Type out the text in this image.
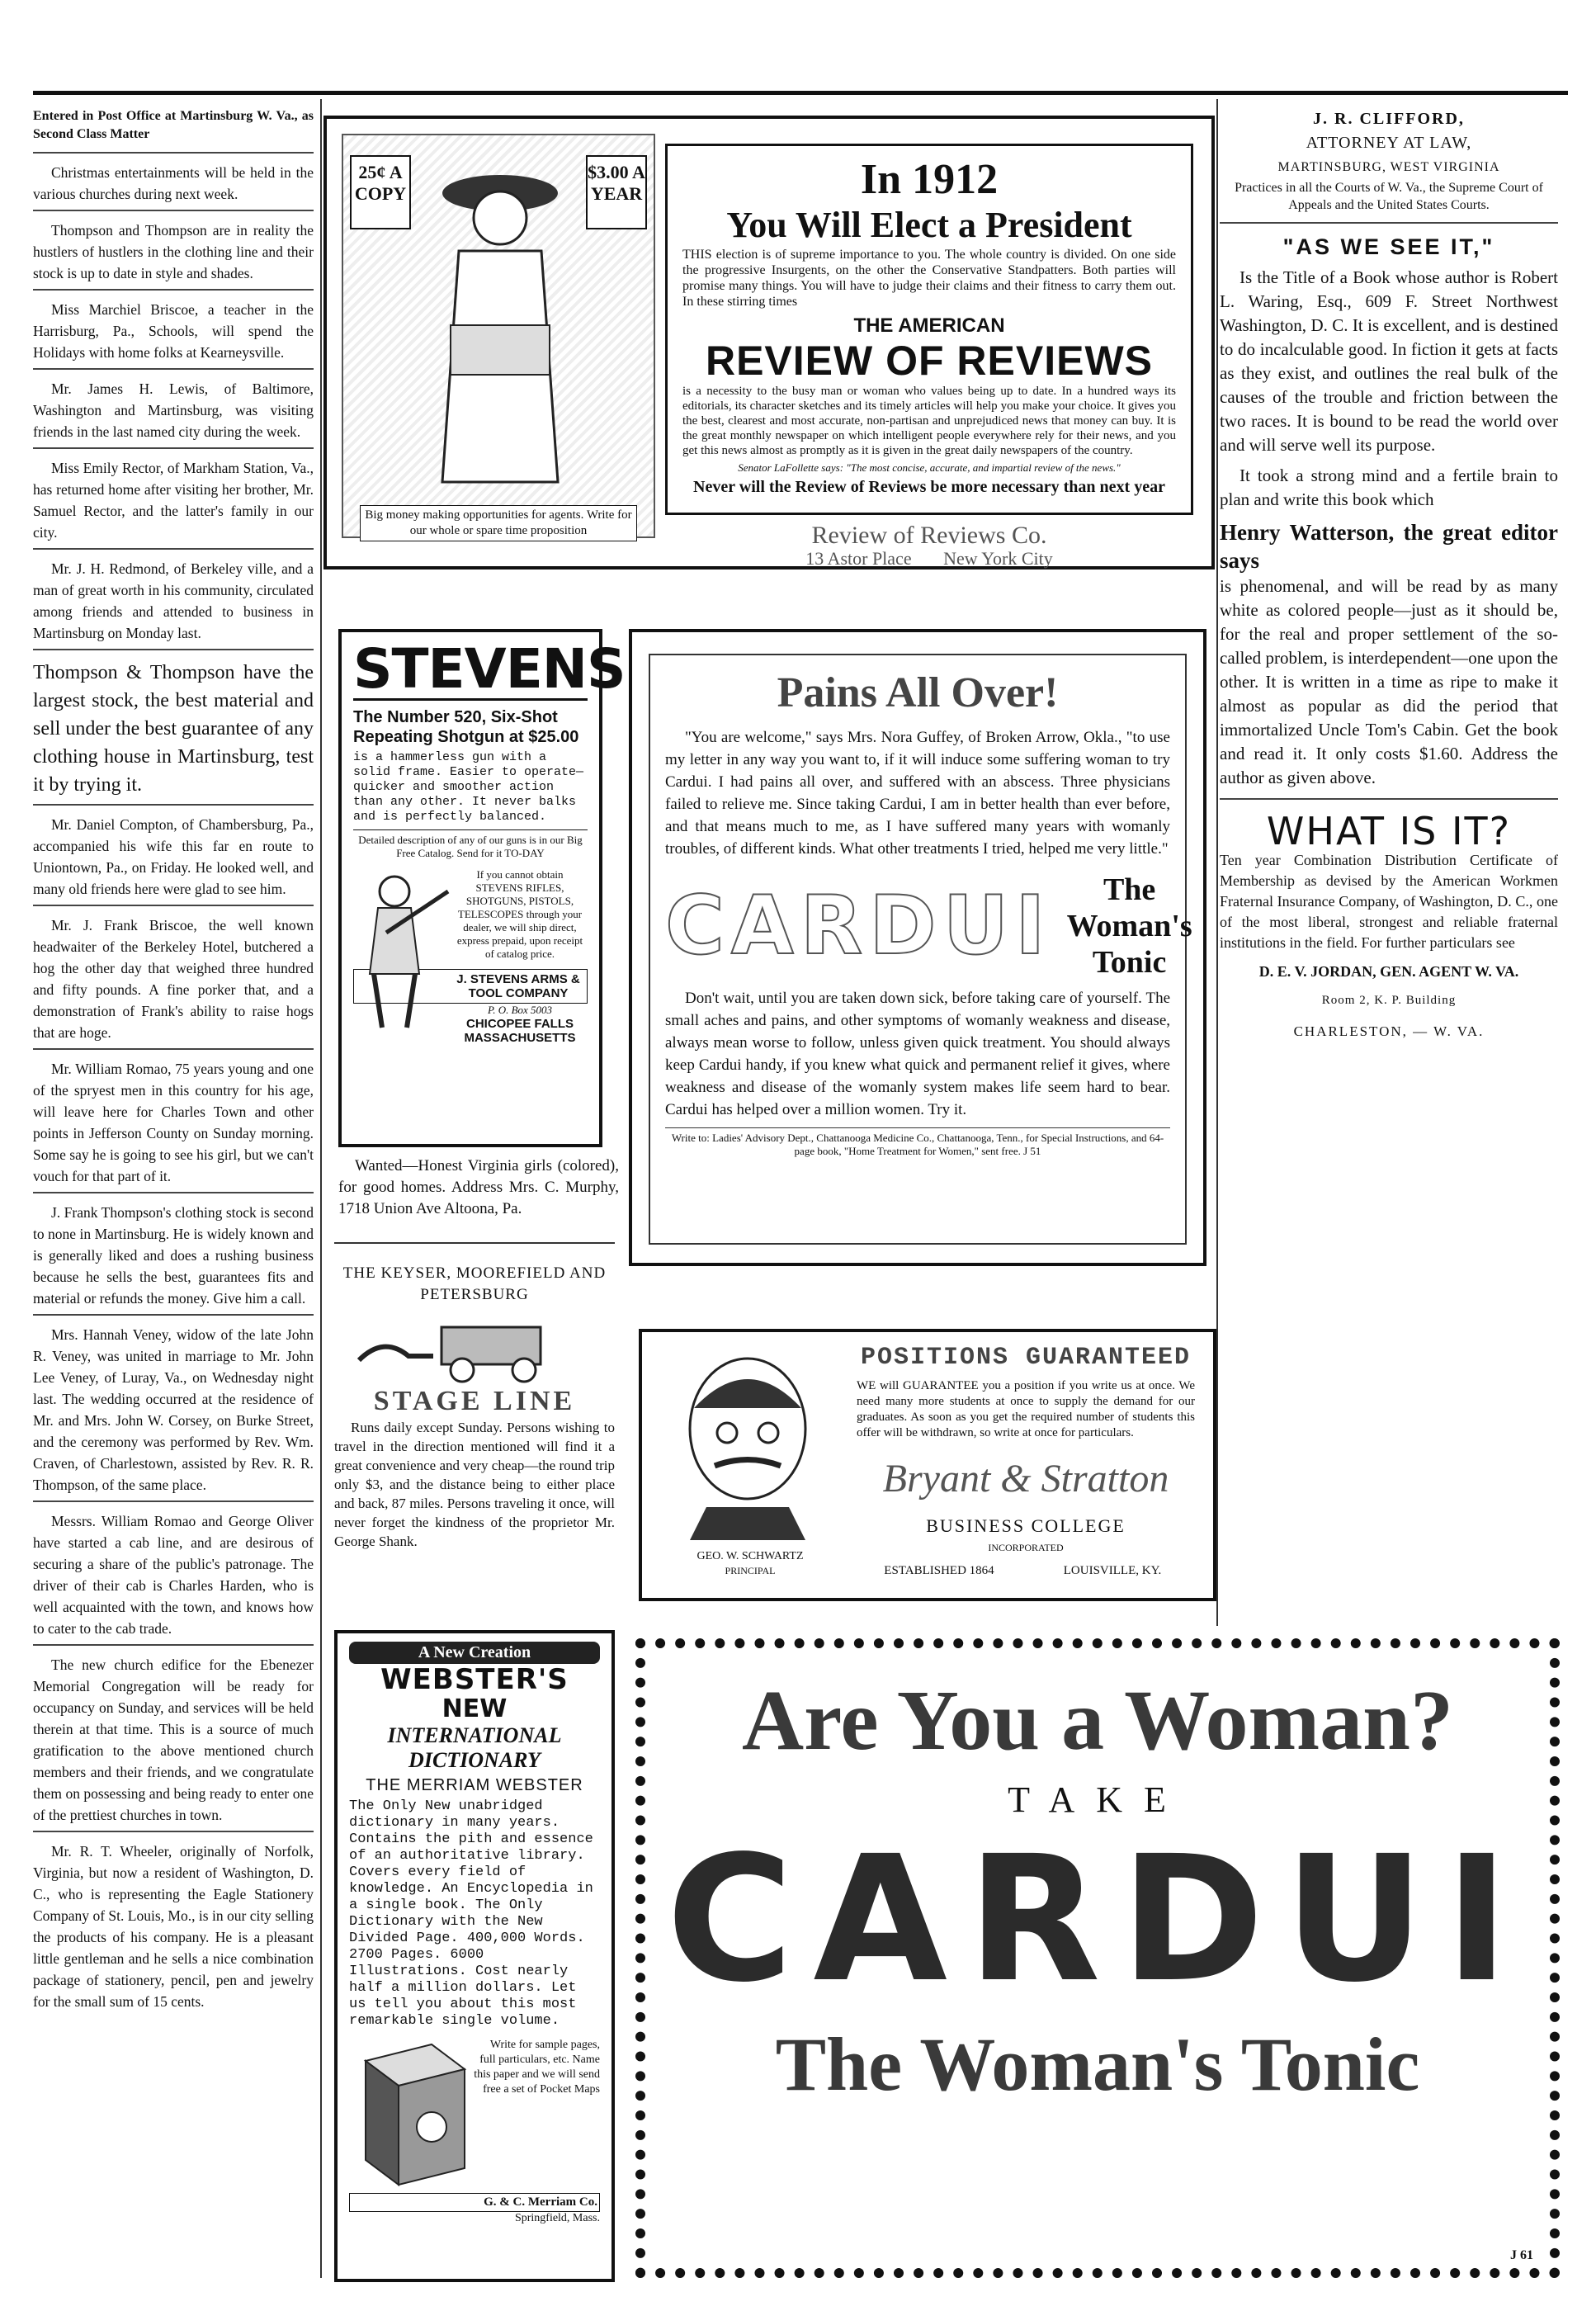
Entered in Post Office at Martinsburg W. Va., as Second Class Matter

Christmas entertainments will be held in the various churches during next week.

Thompson and Thompson are in reality the hustlers of hustlers in the clothing line and their stock is up to date in style and shades.

Miss Marchiel Briscoe, a teacher in the Harrisburg, Pa., Schools, will spend the Holidays with home folks at Kearneysville.

Mr. James H. Lewis, of Baltimore, Washington and Martinsburg, was visiting friends in the last named city during the week.

Miss Emily Rector, of Markham Station, Va., has returned home after visiting her brother, Mr. Samuel Rector, and the latter's family in our city.

Mr. J. H. Redmond, of Berkeley ville, and a man of great worth in his community, circulated among friends and attended to business in Martinsburg on Monday last.

Thompson & Thompson have the largest stock, the best material and sell under the best guarantee of any clothing house in Martinsburg, test it by trying it.

Mr. Daniel Compton, of Chambersburg, Pa., accompanied his wife this far en route to Uniontown, Pa., on Friday. He looked well, and many old friends here were glad to see him.

Mr. J. Frank Briscoe, the well known headwaiter of the Berkeley Hotel, butchered a hog the other day that weighed three hundred and fifty pounds. A fine porker that, and a demonstration of Frank's ability to raise hogs that are hoge.

Mr. William Romao, 75 years young and one of the spryest men in this country for his age, will leave here for Charles Town and other points in Jefferson County on Sunday morning. Some say he is going to see his girl, but we can't vouch for that part of it.

J. Frank Thompson's clothing stock is second to none in Martinsburg. He is widely known and is generally liked and does a rushing business because he sells the best, guarantees fits and material or refunds the money. Give him a call.

Mrs. Hannah Veney, widow of the late John R. Veney, was united in marriage to Mr. John Lee Veney, of Luray, Va., on Wednesday night last. The wedding occurred at the residence of Mr. and Mrs. John W. Corsey, on Burke Street, and the ceremony was performed by Rev. Wm. Craven, of Charlestown, assisted by Rev. R. R. Thompson, of the same place.

Messrs. William Romao and George Oliver have started a cab line, and are desirous of securing a share of the public's patronage. The driver of their cab is Charles Harden, who is well acquainted with the town, and knows how to cater to the cab trade.

The new church edifice for the Ebenezer Memorial Congregation will be ready for occupancy on Sunday, and services will be held therein at that time. This is a source of much gratification to the above mentioned church members and their friends, and we congratulate them on possessing and being ready to enter one of the prettiest churches in town.

Mr. R. T. Wheeler, originally of Norfolk, Virginia, but now a resident of Washington, D. C., who is representing the Eagle Stationery Company of St. Louis, Mo., is in our city selling the products of his company. He is a pleasant little gentleman and he sells a nice combination package of stationery, pencil, pen and jewelry for the small sum of 15 cents.

25¢ A COPY
$3.00 A YEAR
Big money making opportunities for agents. Write for our whole or spare time proposition
In 1912
You Will Elect a President
THIS election is of supreme importance to you. The whole country is divided. On one side the progressive Insurgents, on the other the Conservative Standpatters. Both parties will promise many things. You will have to judge their claims and their fitness to carry them out. In these stirring times
THE AMERICAN
REVIEW OF REVIEWS
is a necessity to the busy man or woman who values being up to date. In a hundred ways its editorials, its character sketches and its timely articles will help you make your choice. It gives you the best, clearest and most accurate, non-partisan and unprejudiced news that money can buy. It is the great monthly newspaper on which intelligent people everywhere rely for their news, and you get this news almost as promptly as it is given in the great daily newspapers of the country.
Senator LaFollette says: "The most concise, accurate, and impartial review of the news."
Never will the Review of Reviews be more necessary than next year
Review of Reviews Co.
13 Astor Place       New York City
STEVENS
The Number 520, Six-Shot Repeating Shotgun at $25.00
is a hammerless gun with a solid frame. Easier to operate—quicker and smoother action than any other. It never balks and is perfectly balanced.
Detailed description of any of our guns is in our Big Free Catalog. Send for it TO-DAY
If you cannot obtain STEVENS RIFLES, SHOTGUNS, PISTOLS, TELESCOPES through your dealer, we will ship direct, express prepaid, upon receipt of catalog price.
J. STEVENS ARMS & TOOL COMPANY
P. O. Box 5003
CHICOPEE FALLS MASSACHUSETTS
Wanted—Honest Virginia girls (colored), for good homes. Address Mrs. C. Murphy, 1718 Union Ave Altoona, Pa.
THE KEYSER, MOOREFIELD AND PETERSBURG
STAGE LINE
Runs daily except Sunday. Persons wishing to travel in the direction mentioned will find it a great convenience and very cheap—the round trip only $3, and the distance being to either place and back, 87 miles. Persons traveling it once, will never forget the kindness of the proprietor Mr. George Shank.
Pains All Over!
"You are welcome," says Mrs. Nora Guffey, of Broken Arrow, Okla., "to use my letter in any way you want to, if it will induce some suffering woman to try Cardui. I had pains all over, and suffered with an abscess. Three physicians failed to relieve me. Since taking Cardui, I am in better health than ever before, and that means much to me, as I have suffered many years with womanly troubles, of different kinds. What other treatments I tried, helped me very little."
CARDUI	The Woman's Tonic
Don't wait, until you are taken down sick, before taking care of yourself. The small aches and pains, and other symptoms of womanly weakness and disease, always mean worse to follow, unless given quick treatment. You should always keep Cardui handy, if you knew what quick and permanent relief it gives, where weakness and disease of the womanly system makes life seem hard to bear. Cardui has helped over a million women. Try it.
Write to: Ladies' Advisory Dept., Chattanooga Medicine Co., Chattanooga, Tenn., for Special Instructions, and 64-page book, "Home Treatment for Women," sent free. J 51
GEO. W. SCHWARTZ
PRINCIPAL
POSITIONS GUARANTEED
WE will GUARANTEE you a position if you write us at once. We need many more students at once to supply the demand for our graduates. As soon as you get the required number of students this offer will be withdrawn, so write at once for particulars.
Bryant & Stratton
BUSINESS COLLEGE
INCORPORATED
ESTABLISHED 1864	LOUISVILLE, KY.
A New Creation
WEBSTER'S
NEW
INTERNATIONAL
DICTIONARY
THE MERRIAM WEBSTER
The Only New unabridged dictionary in many years. Contains the pith and essence of an authoritative library. Covers every field of knowledge. An Encyclopedia in a single book. The Only Dictionary with the New Divided Page. 400,000 Words. 2700 Pages. 6000 Illustrations. Cost nearly half a million dollars. Let us tell you about this most remarkable single volume.
Write for sample pages, full particulars, etc. Name this paper and we will send free a set of Pocket Maps
G. & C. Merriam Co.
Springfield, Mass.
Are You a Woman?
TAKE
CARDUI
The Woman's Tonic
J 61
J. R. CLIFFORD,
ATTORNEY AT LAW,
MARTINSBURG, WEST VIRGINIA
Practices in all the Courts of W. Va., the Supreme Court of Appeals and the United States Courts.
"AS WE SEE IT,"

Is the Title of a Book whose author is Robert L. Waring, Esq., 609 F. Street Northwest Washington, D. C. It is excellent, and is destined to do incalculable good. In fiction it gets at facts as they exist, and outlines the real bulk of the causes of the trouble and friction between the two races. It is bound to be read the world over and will serve well its purpose.

It took a strong mind and a fertile brain to plan and write this book which

Henry Watterson, the great editor says

is phenomenal, and will be read by as many white as colored people—just as it should be, for the real and proper settlement of the so-called problem, is interdependent—one upon the other. It is written in a time as ripe to make it almost as popular as did the period that immortalized Uncle Tom's Cabin. Get the book and read it. It only costs $1.60. Address the author as given above.

WHAT IS IT?

Ten year Combination Distribution Certificate of Membership as devised by the American Workmen Fraternal Insurance Company, of Washington, D. C., one of the most liberal, strongest and reliable fraternal institutions in the field. For further particulars see

D. E. V. JORDAN, GEN. AGENT W. VA.
Room 2, K. P. Building
CHARLESTON, — W. VA.
